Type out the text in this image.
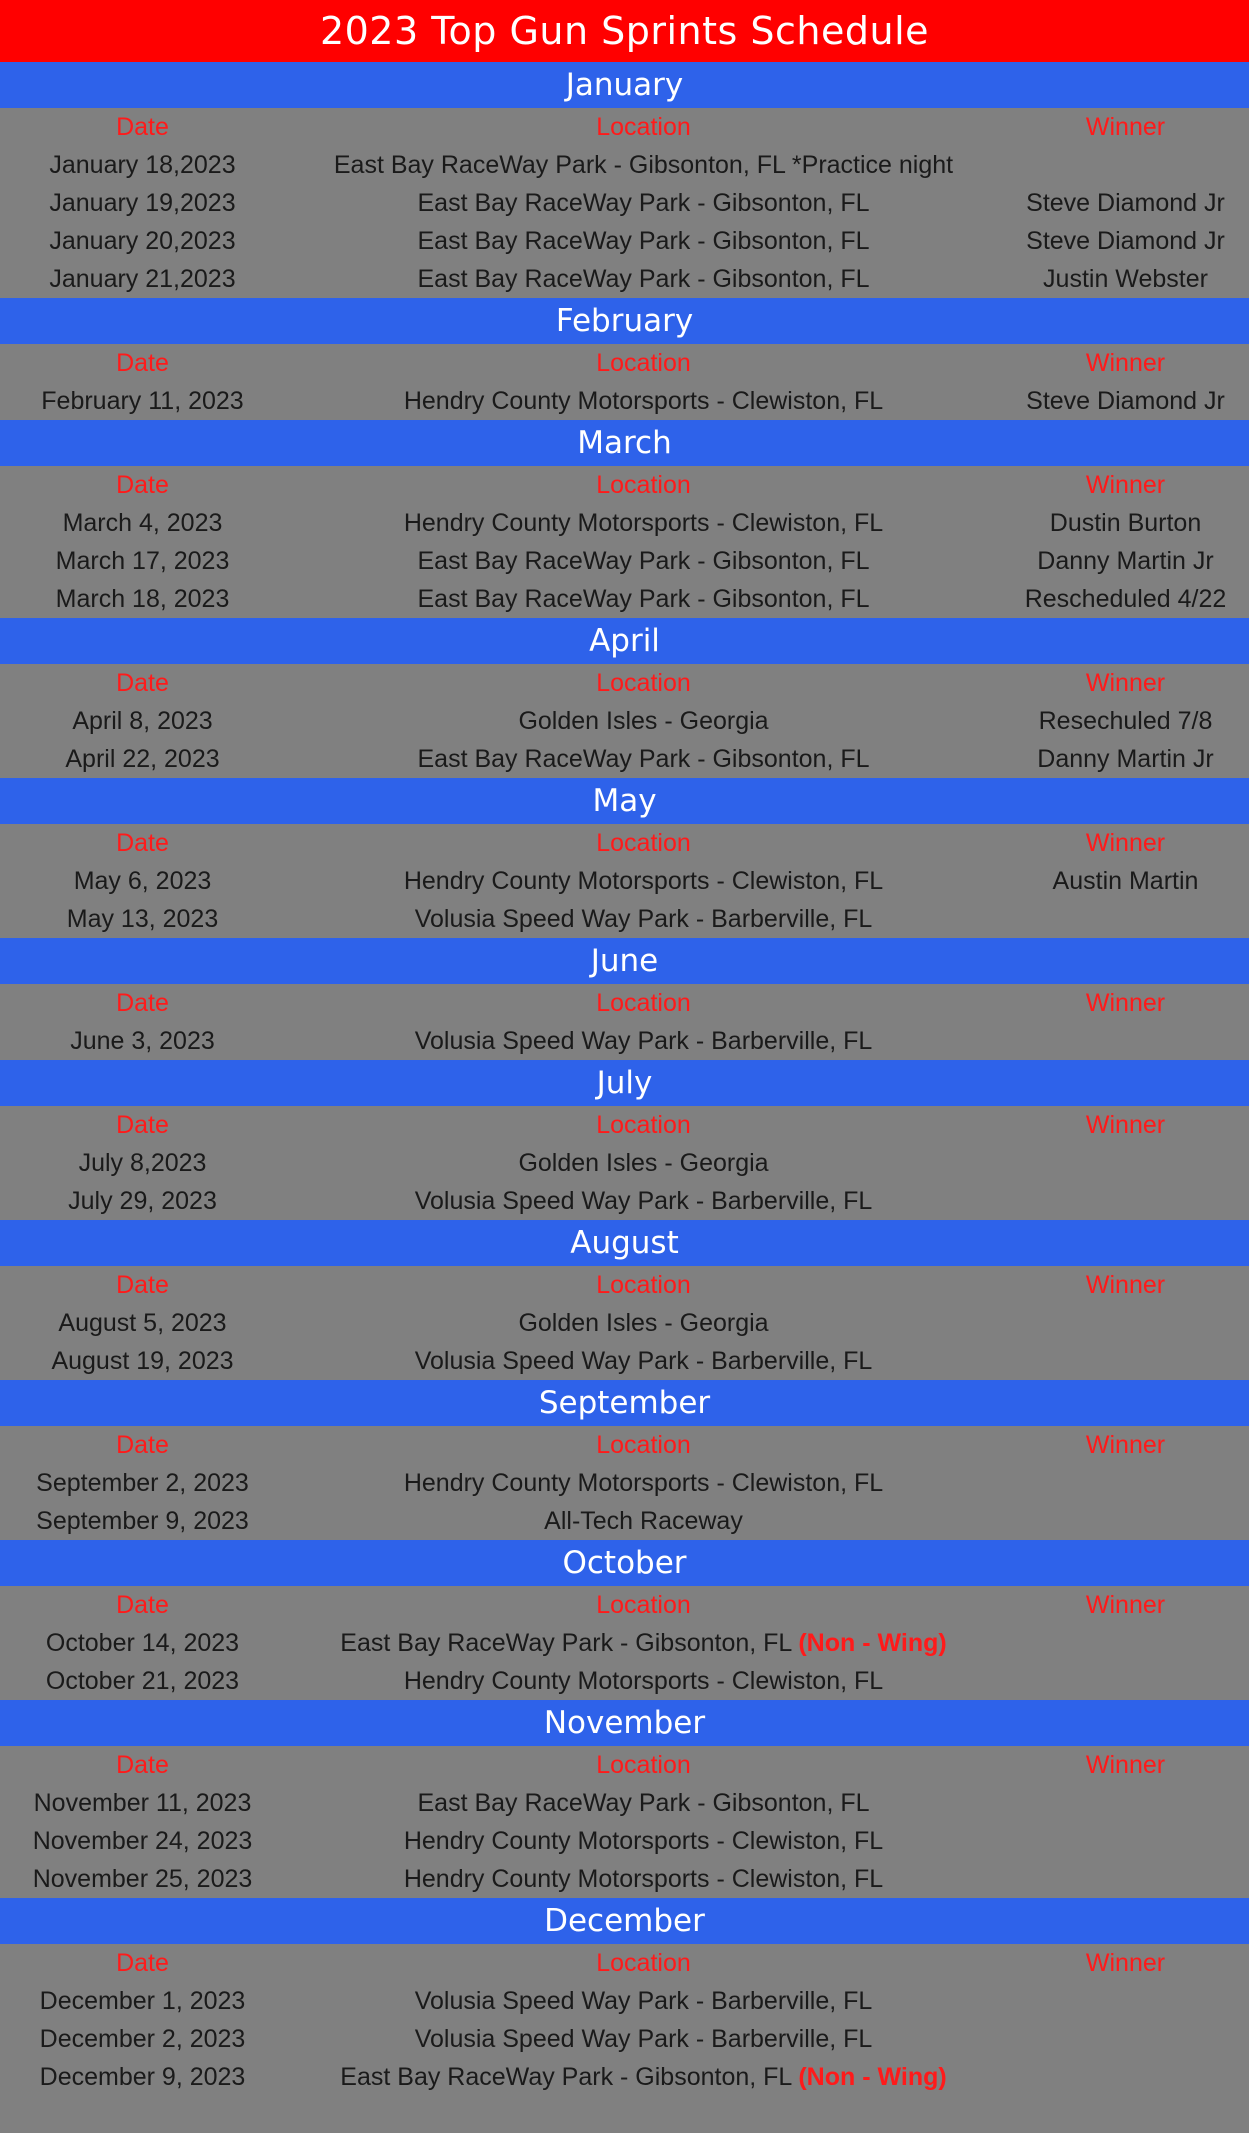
2023 Top Gun Sprints Schedule
January
Date	Location	Winner
January 18,2023	East Bay RaceWay Park - Gibsonton, FL *Practice night
January 19,2023	East Bay RaceWay Park - Gibsonton, FL	Steve Diamond Jr
January 20,2023	East Bay RaceWay Park - Gibsonton, FL	Steve Diamond Jr
January 21,2023	East Bay RaceWay Park - Gibsonton, FL	Justin Webster
February
Date	Location	Winner
February 11, 2023	Hendry County Motorsports - Clewiston, FL	Steve Diamond Jr
March
Date	Location	Winner
March 4, 2023	Hendry County Motorsports - Clewiston, FL	Dustin Burton
March 17, 2023	East Bay RaceWay Park - Gibsonton, FL	Danny Martin Jr
March 18, 2023	East Bay RaceWay Park - Gibsonton, FL	Rescheduled 4/22
April
Date	Location	Winner
April 8, 2023	Golden Isles - Georgia	Resechuled 7/8
April 22, 2023	East Bay RaceWay Park - Gibsonton, FL	Danny Martin Jr
May
Date	Location	Winner
May 6, 2023	Hendry County Motorsports - Clewiston, FL	Austin Martin
May 13, 2023	Volusia Speed Way Park - Barberville, FL
June
Date	Location	Winner
June 3, 2023	Volusia Speed Way Park - Barberville, FL
July
Date	Location	Winner
July 8,2023	Golden Isles - Georgia
July 29, 2023	Volusia Speed Way Park - Barberville, FL
August
Date	Location	Winner
August 5, 2023	Golden Isles - Georgia
August 19, 2023	Volusia Speed Way Park - Barberville, FL
September
Date	Location	Winner
September 2, 2023	Hendry County Motorsports - Clewiston, FL
September 9, 2023	All-Tech Raceway
October
Date	Location	Winner
October 14, 2023	East Bay RaceWay Park - Gibsonton, FL (Non - Wing)
October 21, 2023	Hendry County Motorsports - Clewiston, FL
November
Date	Location	Winner
November 11, 2023	East Bay RaceWay Park - Gibsonton, FL
November 24, 2023	Hendry County Motorsports - Clewiston, FL
November 25, 2023	Hendry County Motorsports - Clewiston, FL
December
Date	Location	Winner
December 1, 2023	Volusia Speed Way Park - Barberville, FL
December 2, 2023	Volusia Speed Way Park - Barberville, FL
December 9, 2023	East Bay RaceWay Park - Gibsonton, FL (Non - Wing)
